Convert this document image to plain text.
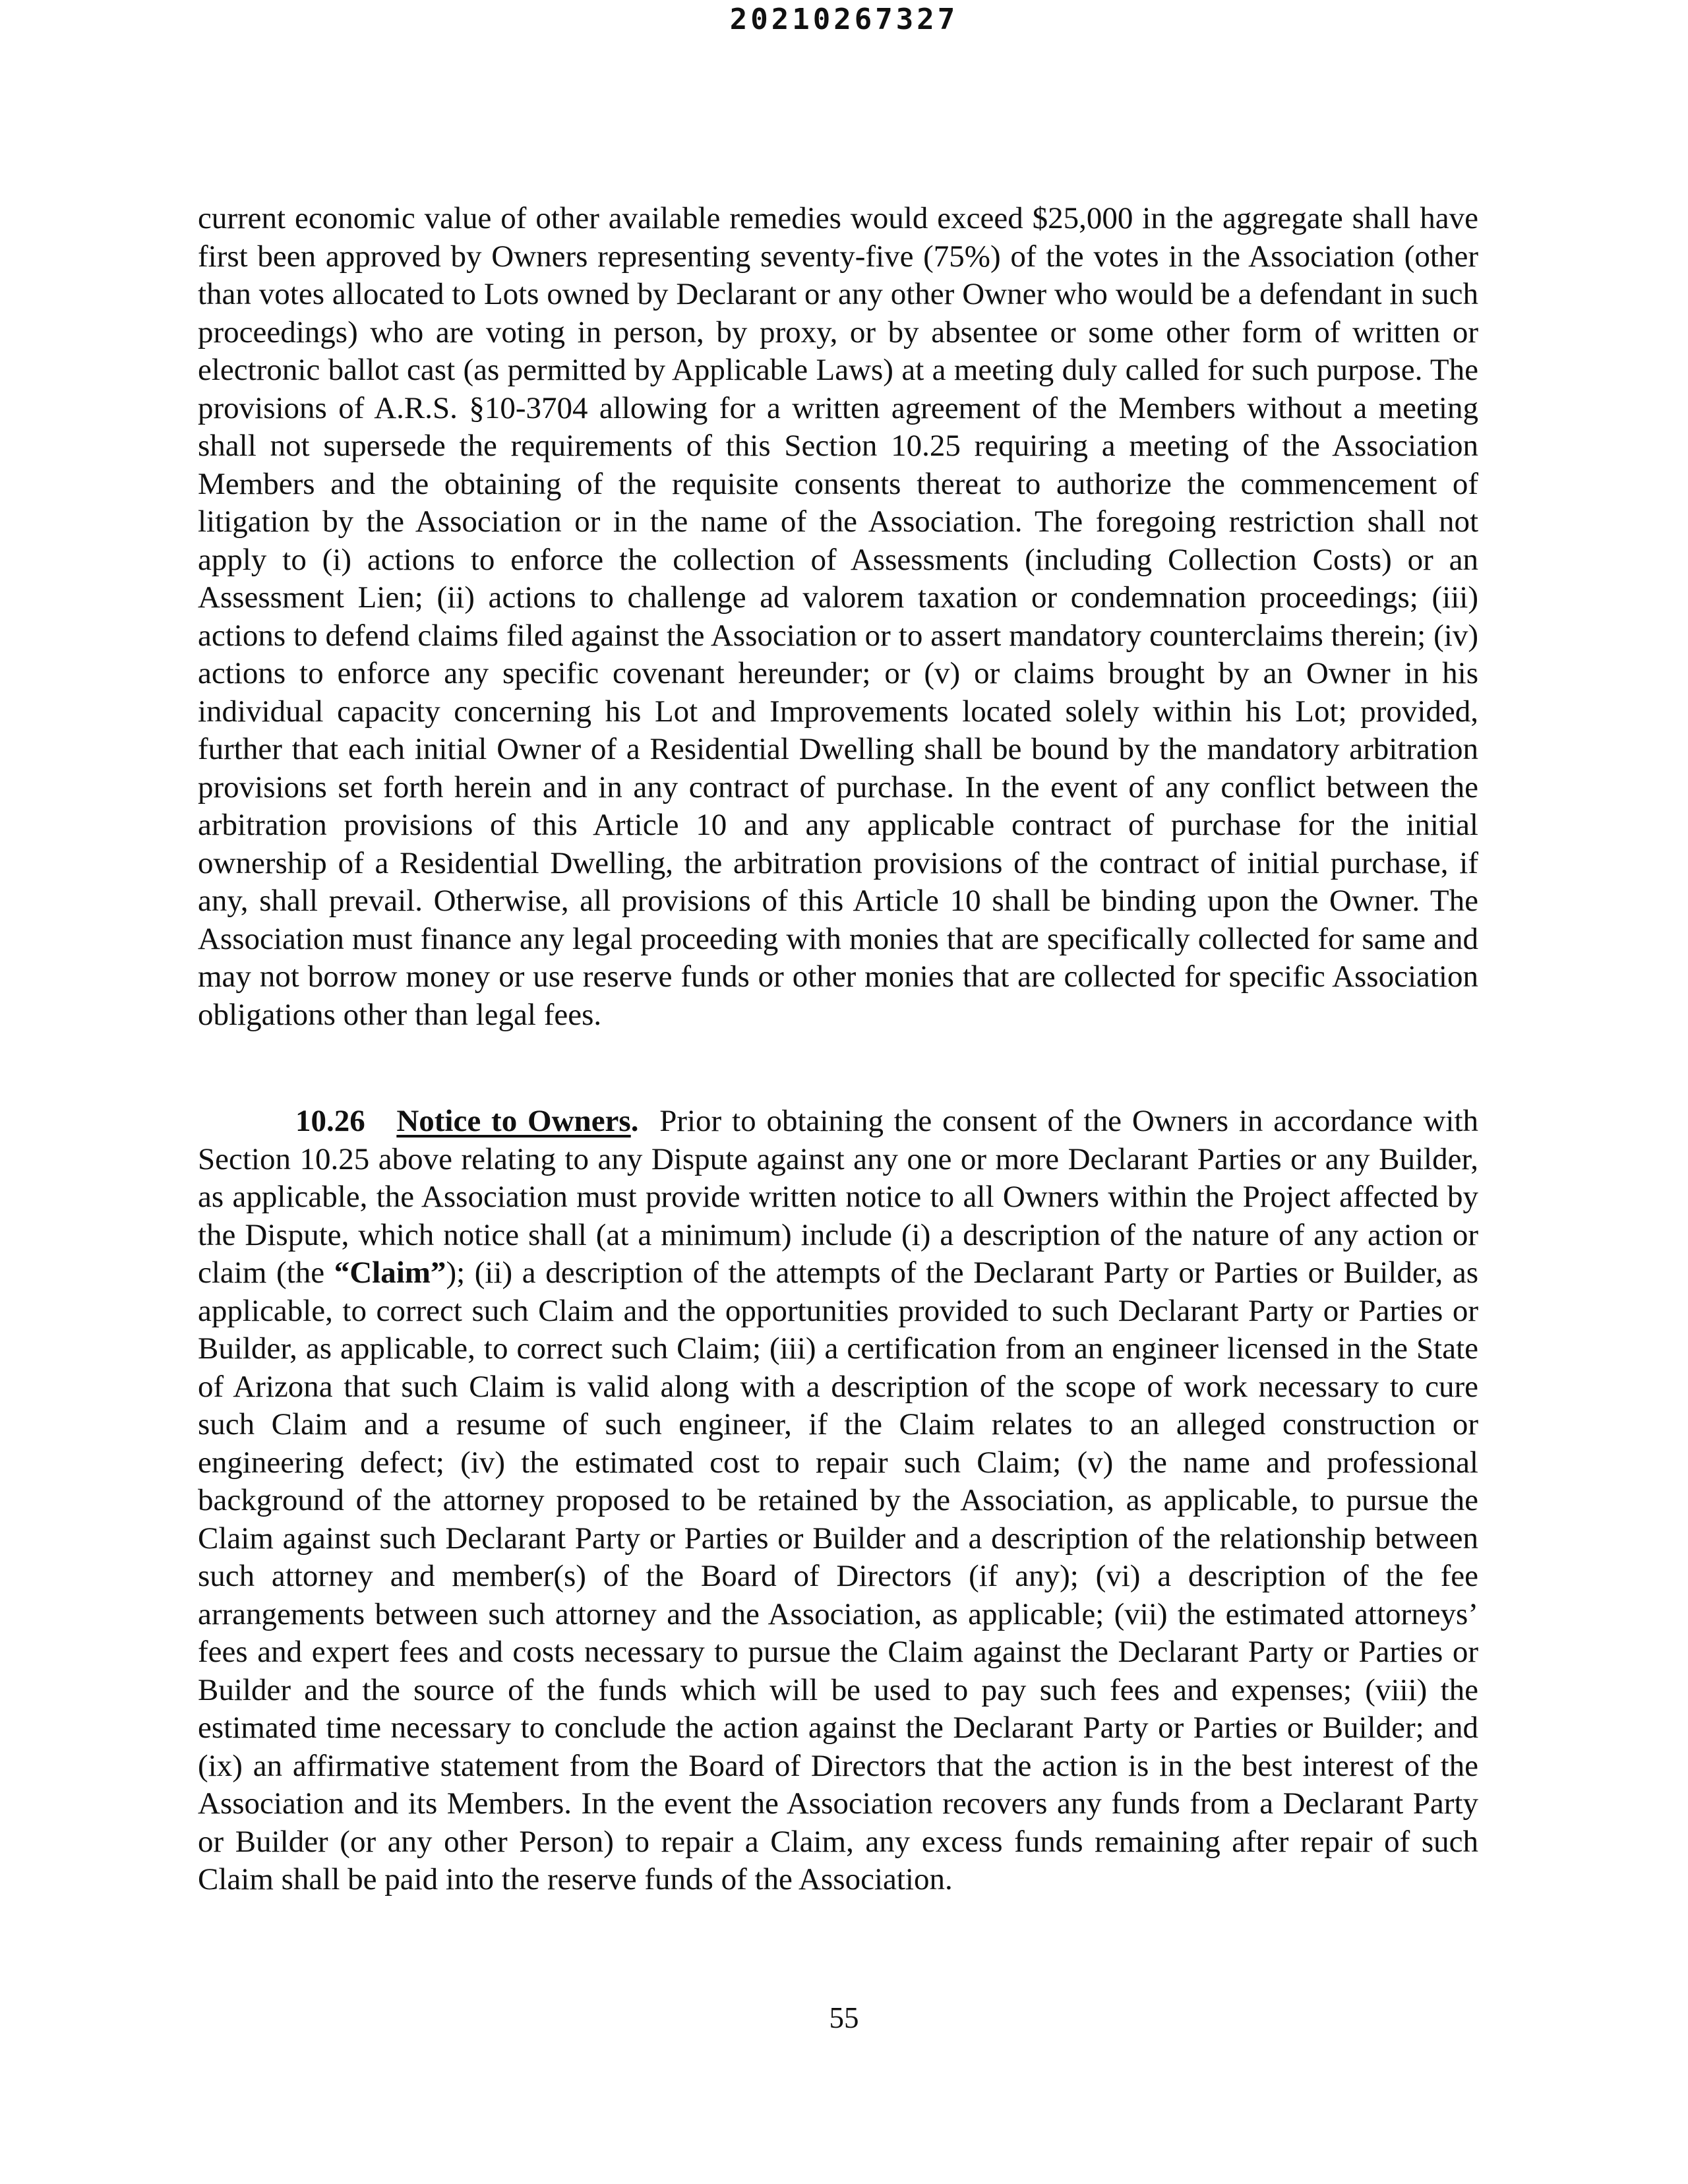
20210267327

current economic value of other available remedies would exceed $25,000 in the aggregate shall have first been approved by Owners representing seventy-five (75%) of the votes in the Association (other than votes allocated to Lots owned by Declarant or any other Owner who would be a defendant in such proceedings) who are voting in person, by proxy, or by absentee or some other form of written or electronic ballot cast (as permitted by Applicable Laws) at a meeting duly called for such purpose. The provisions of A.R.S. §10-3704 allowing for a written agreement of the Members without a meeting shall not supersede the requirements of this Section 10.25 requiring a meeting of the Association Members and the obtaining of the requisite consents thereat to authorize the commencement of litigation by the Association or in the name of the Association. The foregoing restriction shall not apply to (i) actions to enforce the collection of Assessments (including Collection Costs) or an Assessment Lien; (ii) actions to challenge ad valorem taxation or condemnation proceedings; (iii) actions to defend claims filed against the Association or to assert mandatory counterclaims therein; (iv) actions to enforce any specific covenant hereunder; or (v) or claims brought by an Owner in his individual capacity concerning his Lot and Improvements located solely within his Lot; provided, further that each initial Owner of a Residential Dwelling shall be bound by the mandatory arbitration provisions set forth herein and in any contract of purchase. In the event of any conflict between the arbitration provisions of this Article 10 and any applicable contract of purchase for the initial ownership of a Residential Dwelling, the arbitration provisions of the contract of initial purchase, if any, shall prevail. Otherwise, all provisions of this Article 10 shall be binding upon the Owner. The Association must finance any legal proceeding with monies that are specifically collected for same and may not borrow money or use reserve funds or other monies that are collected for specific Association obligations other than legal fees.

10.26 Notice to Owners. Prior to obtaining the consent of the Owners in accordance with Section 10.25 above relating to any Dispute against any one or more Declarant Parties or any Builder, as applicable, the Association must provide written notice to all Owners within the Project affected by the Dispute, which notice shall (at a minimum) include (i) a description of the nature of any action or claim (the “Claim”); (ii) a description of the attempts of the Declarant Party or Parties or Builder, as applicable, to correct such Claim and the opportunities provided to such Declarant Party or Parties or Builder, as applicable, to correct such Claim; (iii) a certification from an engineer licensed in the State of Arizona that such Claim is valid along with a description of the scope of work necessary to cure such Claim and a resume of such engineer, if the Claim relates to an alleged construction or engineering defect; (iv) the estimated cost to repair such Claim; (v) the name and professional background of the attorney proposed to be retained by the Association, as applicable, to pursue the Claim against such Declarant Party or Parties or Builder and a description of the relationship between such attorney and member(s) of the Board of Directors (if any); (vi) a description of the fee arrangements between such attorney and the Association, as applicable; (vii) the estimated attorneys’ fees and expert fees and costs necessary to pursue the Claim against the Declarant Party or Parties or Builder and the source of the funds which will be used to pay such fees and expenses; (viii) the estimated time necessary to conclude the action against the Declarant Party or Parties or Builder; and (ix) an affirmative statement from the Board of Directors that the action is in the best interest of the Association and its Members. In the event the Association recovers any funds from a Declarant Party or Builder (or any other Person) to repair a Claim, any excess funds remaining after repair of such Claim shall be paid into the reserve funds of the Association.

55
